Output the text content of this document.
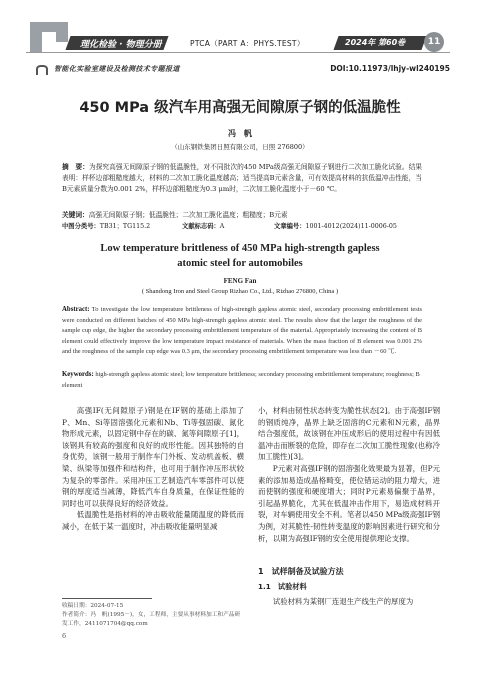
理化检验 · 物理分册	PTCA（PART A：PHYS.TEST）	2024年 第60卷	11
智能化实验室建设及检测技术专题报道	DOI:10.11973/lhjy-wl240195
450 MPa 级汽车用高强无间隙原子钢的低温脆性
冯　帆
（山东钢铁集团日照有限公司，日照 276800）
摘　要：为探究高强无间隙原子钢的低温脆性，对不同批次的450 MPa级高强无间隙原子钢进行二次加工脆化试验。结果表明：样杯边部粗糙度越大，材料的二次加工脆化温度越高；适当提高B元素含量，可有效提高材料的抗低温冲击性能，当B元素质量分数为0.001 2%，样杯边部粗糙度为0.3 μm时，二次加工脆化温度小于－60 ℃。
关键词：高强无间隙原子钢；低温脆性；二次加工脆化温度；粗糙度；B元素
中图分类号：TB31；TG115.2	文献标志码：A	文章编号：1001-4012(2024)11-0006-05
Low temperature brittleness of 450 MPa high-strength gapless
atomic steel for automobiles
FENG Fan
( Shandong Iron and Steel Group Rizhao Co., Ltd., Rizhao 276800, China )
Abstract: To investigate the low temperature brittleness of high-strength gapless atomic steel, secondary processing embrittlement tests were conducted on different batches of 450 MPa high-strength gapless atomic steel. The results show that the larger the roughness of the sample cup edge, the higher the secondary processing embrittlement temperature of the material. Appropriately increasing the content of B element could effectively improve the low temperature impact resistance of materials. When the mass fraction of B element was 0.001 2% and the roughness of the sample cup edge was 0.3 μm, the secondary processing embrittlement temperature was less than －60 ℃.
Keywords: high-strength gapless atomic steel; low temperature brittleness; secondary processing embrittlement temperature; roughness; B element

高强IF(无间隙原子)钢是在IF钢的基础上添加了P、Mn、Si等固溶强化元素和Nb、Ti等强固碳、氮化物形成元素，以固定钢中存在的碳、氮等间隙原子[1]，该钢具有较高的强度和良好的成形性能。因其独特的自身优势，该钢一般用于制作车门外板、发动机盖板、横梁、纵梁等加强件和结构件，也可用于制作冲压形状较为复杂的零部件。采用冲压工艺制造汽车零部件可以使钢的厚度适当减薄，降低汽车自身质量，在保证性能的同时也可以获得良好的经济效益。

低温脆性是指材料的冲击吸收能量随温度的降低而减小，在低于某一温度时，冲击吸收能量明显减

小，材料由韧性状态转变为脆性状态[2]。由于高强IF钢的钢质纯净，晶界上缺乏固溶的C元素和N元素，晶界结合强度低，故该钢在冲压成形后的使用过程中有因低温冲击而断裂的危险，即存在二次加工脆性现象(也称冷加工脆性)[3]。

P元素对高强IF钢的固溶强化效果最为显著，但P元素的添加易造成晶格畸变，使位错运动的阻力增大，进而使钢的强度和硬度增大；同时P元素易偏聚于晶界，引起晶界脆化，尤其在低温冲击作用下，易造成材料开裂，对车辆使用安全不利。笔者以450 MPa级高强IF钢为例，对其脆性-韧性转变温度的影响因素进行研究和分析，以期为高强IF钢的安全使用提供理论支撑。

1　试样制备及试验方法
1.1　试验材料
试验材料为某钢厂连退生产线生产的厚度为
收稿日期：2024-07-15
作者简介：冯　帆(1995－)，女，工程师，主要从事材料加工和产品研发工作，2411071704@qq.com
6
